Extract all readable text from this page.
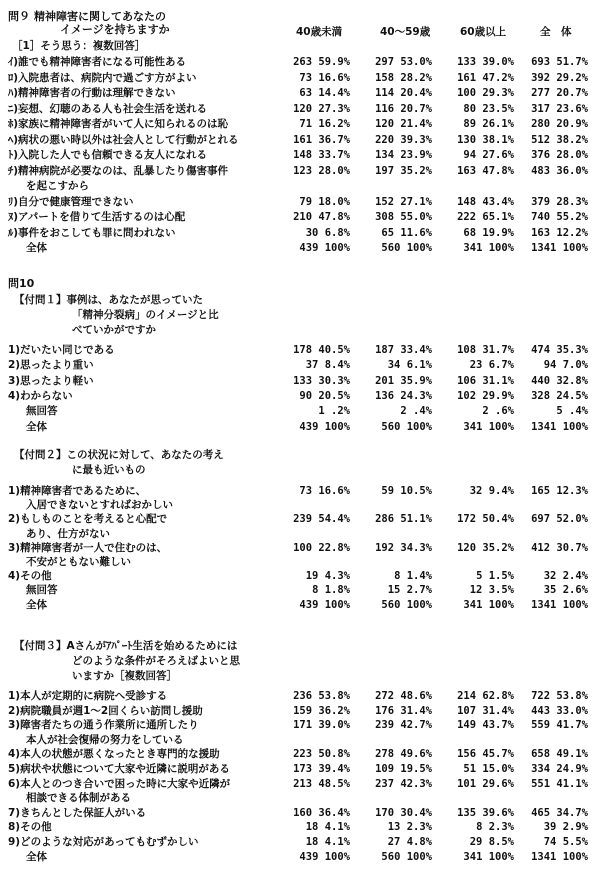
問９ 精神障害に関してあなたの
イメージを持ちますか
［1］そう思う：複数回答］
40歳未満	40～59歳	60歳以上	全　体
ｲ)誰でも精神障害者になる可能性ある	263 59.9% 297 53.0% 133 39.0% 693 51.7%
ﾛ)入院患者は、病院内で過ごす方がよい	73 16.6% 158 28.2% 161 47.2% 392 29.2%
ﾊ)精神障害者の行動は理解できない	63 14.4% 114 20.4% 100 29.3% 277 20.7%
ﾆ)妄想、幻聴のある人も社会生活を送れる	120 27.3% 116 20.7%	80 23.5% 317 23.6%
ﾎ)家族に精神障害者がいて人に知られるのは恥	71 16.2% 120 21.4%	89 26.1% 280 20.9%
ﾍ)病状の悪い時以外は社会人として行動がとれる	161 36.7% 220 39.3% 130 38.1% 512 38.2%
ﾄ)入院した人でも信頼できる友人になれる	148 33.7% 134 23.9%	94 27.6% 376 28.0%
ﾁ)精神病院が必要なのは、乱暴したり傷害事件
を起こすから
123 28.0% 197 35.2% 163 47.8% 483 36.0%
ﾘ)自分で健康管理できない	79 18.0% 152 27.1% 148 43.4% 379 28.3%
ﾇ)アパートを借りて生活するのは心配	210 47.8% 308 55.0% 222 65.1% 740 55.2%
ﾙ)事件をおこしても罪に問われない	30 6.8%	65 11.6%	68 19.9% 163 12.2%
全体	439 100%	560 100%	341 100% 1341 100%
問10
【付問１】事例は、あなたが思っていた
「精神分裂病」のイメージと比
べていかがですか
1)だいたい同じである	178 40.5% 187 33.4% 108 31.7% 474 35.3%
2)思ったより重い	37 8.4%	34 6.1%	23 6.7%	94 7.0%
3)思ったより軽い	133 30.3% 201 35.9% 106 31.1% 440 32.8%
4)わからない	90 20.5% 136 24.3% 102 29.9% 328 24.5%
無回答	1 .2%	2 .4%	2 .6%	5 .4%
全体	439 100%	560 100%	341 100% 1341 100%
【付問２】この状況に対して、あなたの考え
に最も近いもの
1)精神障害者であるために、
入居できないとすればおかしい
73 16.6%	59 10.5%	32 9.4% 165 12.3%
2)もしものことを考えると心配で
あり、仕方がない
239 54.4% 286 51.1% 172 50.4% 697 52.0%
3)精神障害者が一人で住むのは、
不安がともない難しい
100 22.8% 192 34.3% 120 35.2% 412 30.7%
4)その他	19 4.3%	8 1.4%	5 1.5%	32 2.4%
無回答	8 1.8%	15 2.7%	12 3.5%	35 2.6%
全体	439 100%	560 100%	341 100% 1341 100%
【付問３】Aさんがｱﾊﾟｰﾄ生活を始めるためには
どのような条件がそろえばよいと思
いますか［複数回答］
1)本人が定期的に病院へ受診する	236 53.8% 272 48.6% 214 62.8% 722 53.8%
2)病院職員が週1～2回くらい訪問し援助	159 36.2% 176 31.4% 107 31.4% 443 33.0%
3)障害者たちの通う作業所に通所したり
本人が社会復帰の努力をしている
171 39.0% 239 42.7% 149 43.7% 559 41.7%
4)本人の状態が悪くなったとき専門的な援助	223 50.8% 278 49.6% 156 45.7% 658 49.1%
5)病状や状態について大家や近隣に説明がある	173 39.4% 109 19.5%	51 15.0% 334 24.9%
6)本人とのつき合いで困った時に大家や近隣が
相談できる体制がある
213 48.5% 237 42.3% 101 29.6% 551 41.1%
7)きちんとした保証人がいる	160 36.4% 170 30.4% 135 39.6% 465 34.7%
8)その他	18 4.1%	13 2.3%	8 2.3%	39 2.9%
9)どのような対応があってもむずかしい	18 4.1%	27 4.8%	29 8.5%	74 5.5%
全体	439 100%	560 100%	341 100% 1341 100%
